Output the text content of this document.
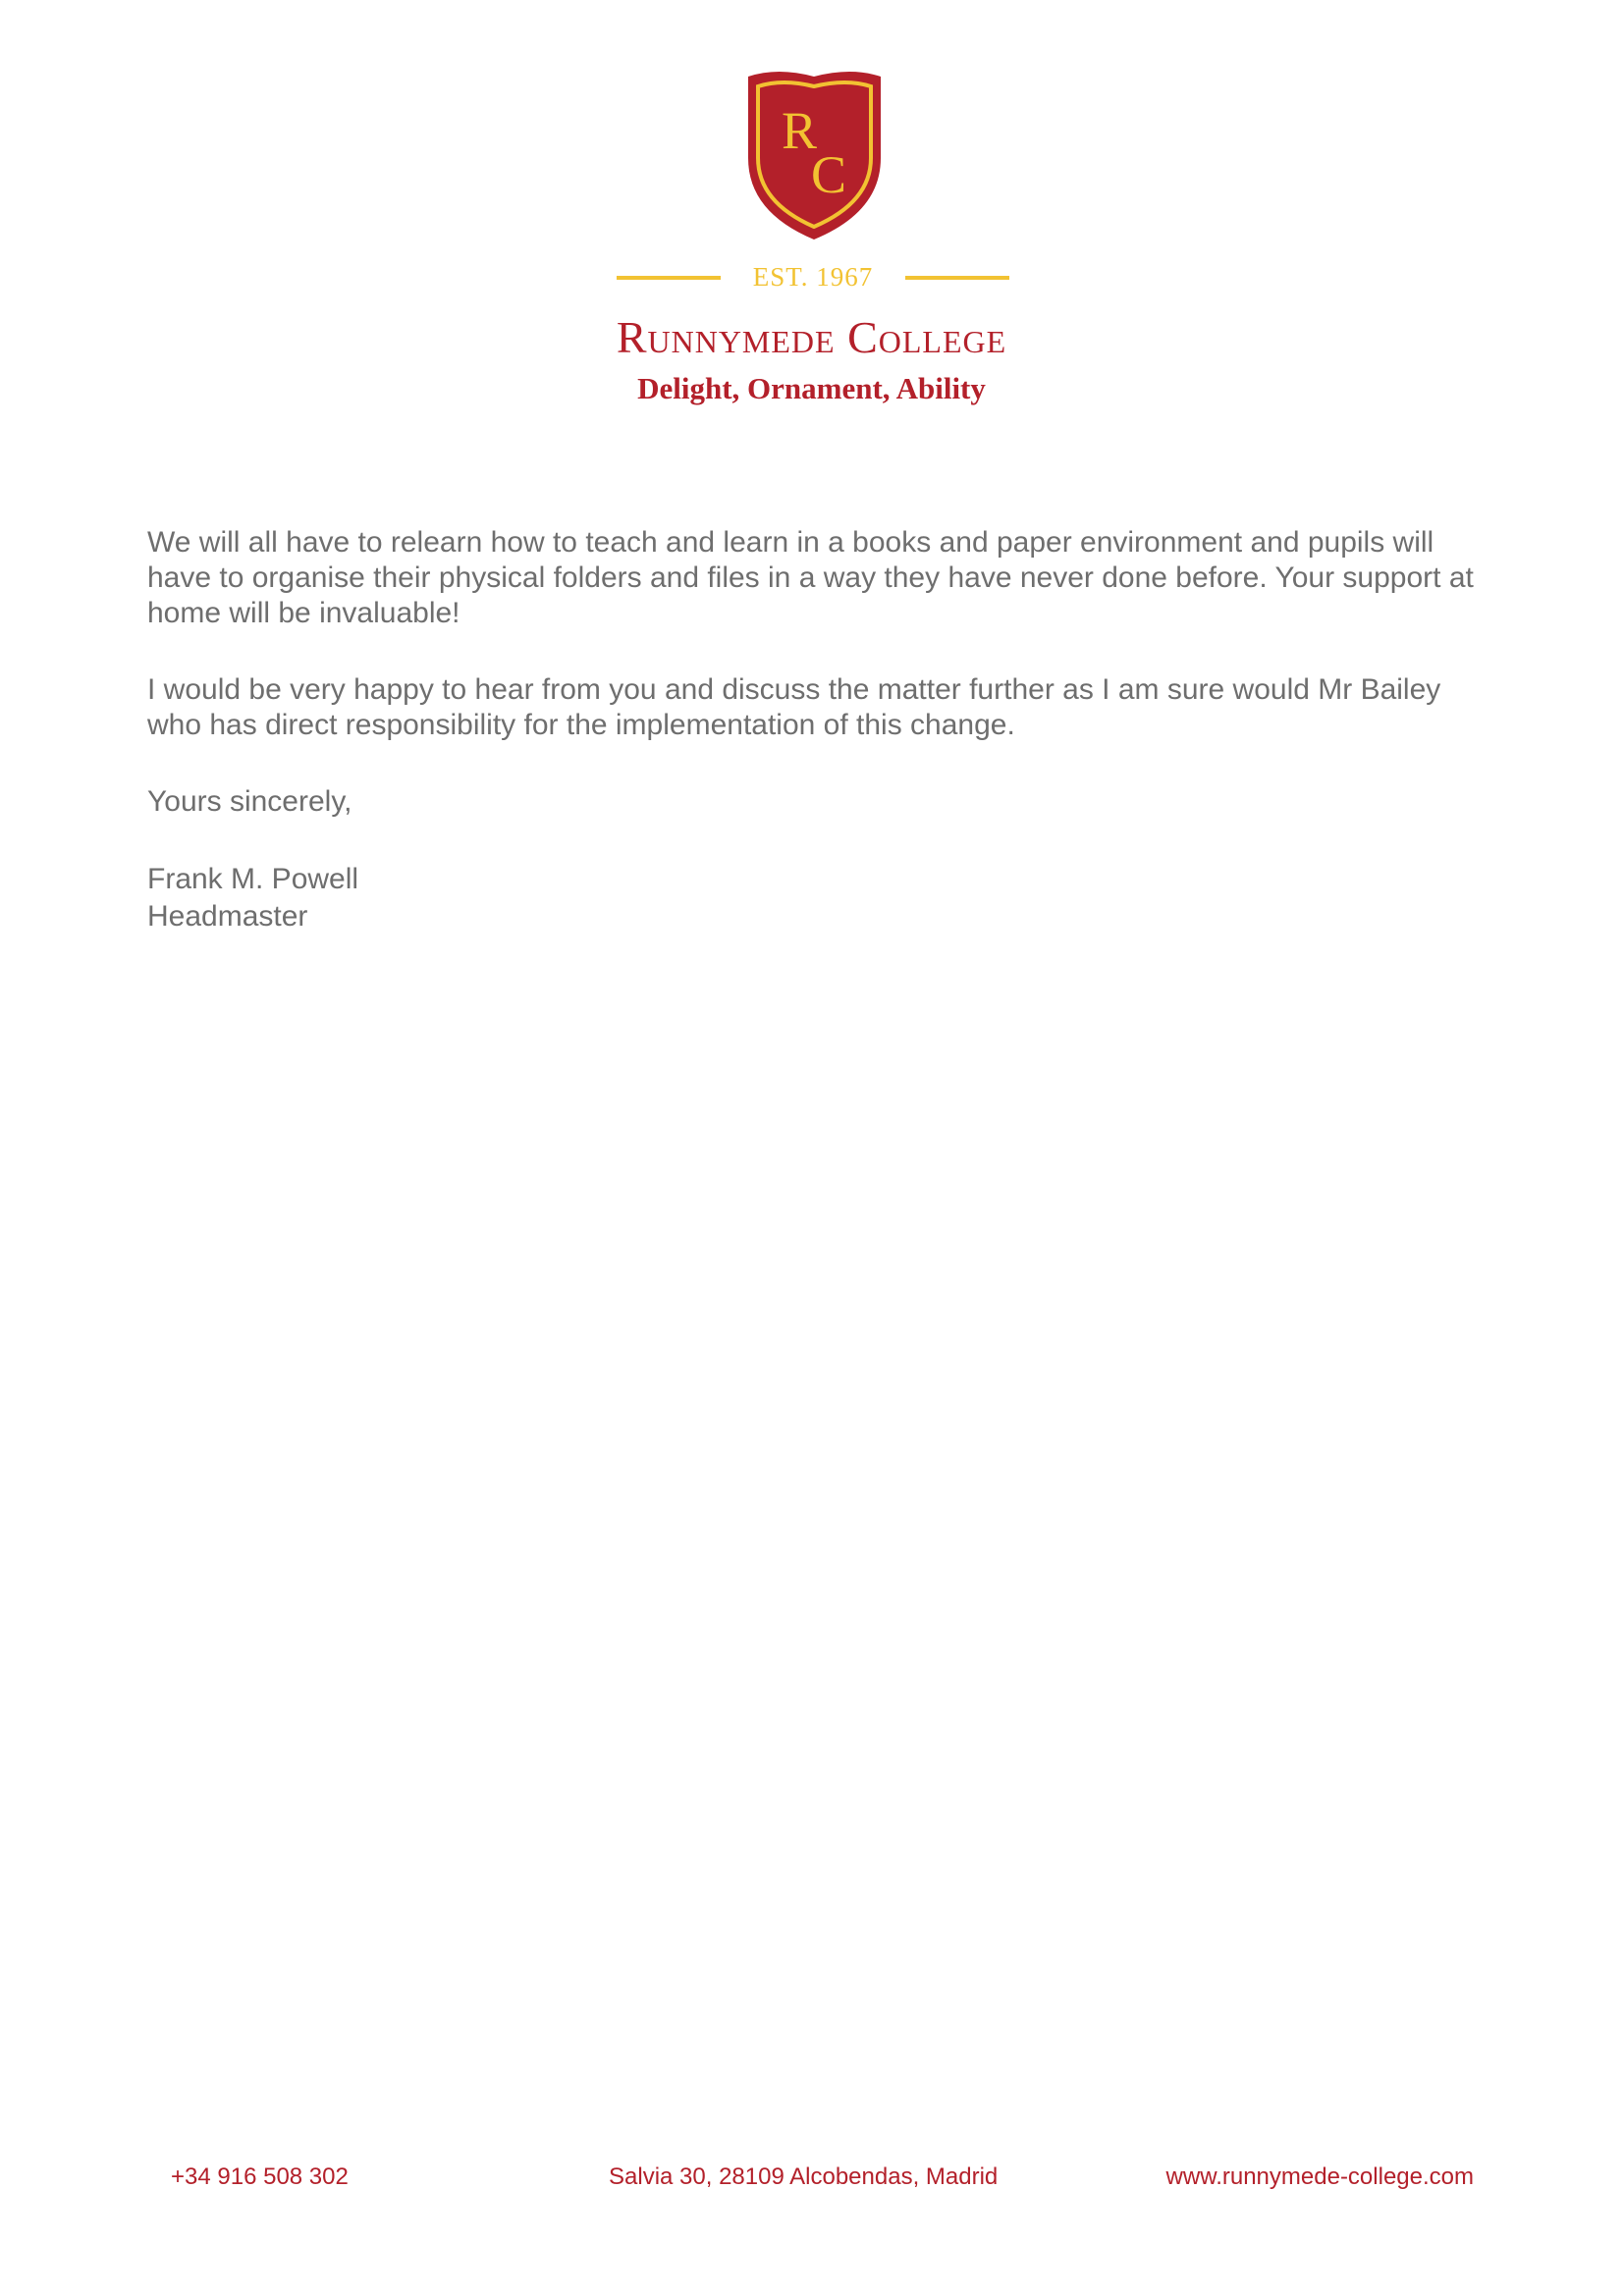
R
C
EST. 1967
Runnymede College
Delight, Ornament, Ability

We will all have to relearn how to teach and learn in a books and paper environment and pupils will have to organise their physical folders and files in a way they have never done before. Your support at home will be invaluable!

I would be very happy to hear from you and discuss the matter further as I am sure would Mr Bailey who has direct responsibility for the implementation of this change.

Yours sincerely,

Frank M. Powell

Headmaster

+34 916 508 302	Salvia 30, 28109 Alcobendas, Madrid	www.runnymede-college.com
